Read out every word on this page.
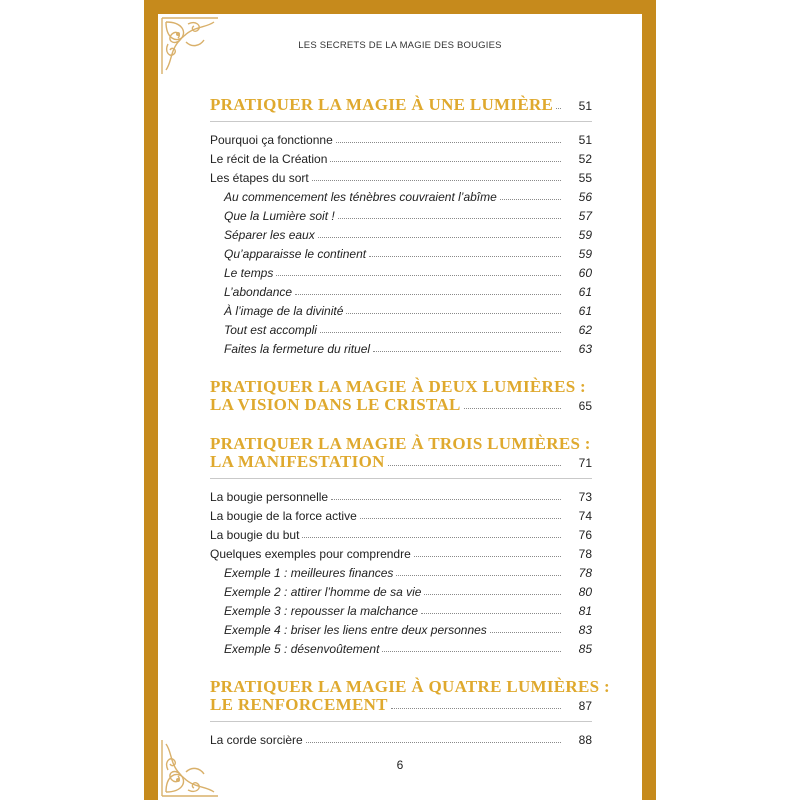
LES SECRETS DE LA MAGIE DES BOUGIES
PRATIQUER LA MAGIE À UNE LUMIÈRE	51
Pourquoi ça fonctionne	51
Le récit de la Création	52
Les étapes du sort	55
Au commencement les ténèbres couvraient l’abîme	56
Que la Lumière soit !	57
Séparer les eaux	59
Qu’apparaisse le continent	59
Le temps	60
L’abondance	61
À l’image de la divinité	61
Tout est accompli	62
Faites la fermeture du rituel	63
PRATIQUER LA MAGIE À DEUX LUMIÈRES :
LA VISION DANS LE CRISTAL	65
PRATIQUER LA MAGIE À TROIS LUMIÈRES :
LA MANIFESTATION	71
La bougie personnelle	73
La bougie de la force active	74
La bougie du but	76
Quelques exemples pour comprendre	78
Exemple 1 : meilleures finances	78
Exemple 2 : attirer l’homme de sa vie	80
Exemple 3 : repousser la malchance	81
Exemple 4 : briser les liens entre deux personnes	83
Exemple 5 : désenvoûtement	85
PRATIQUER LA MAGIE À QUATRE LUMIÈRES :
LE RENFORCEMENT	87
La corde sorcière	88
6
